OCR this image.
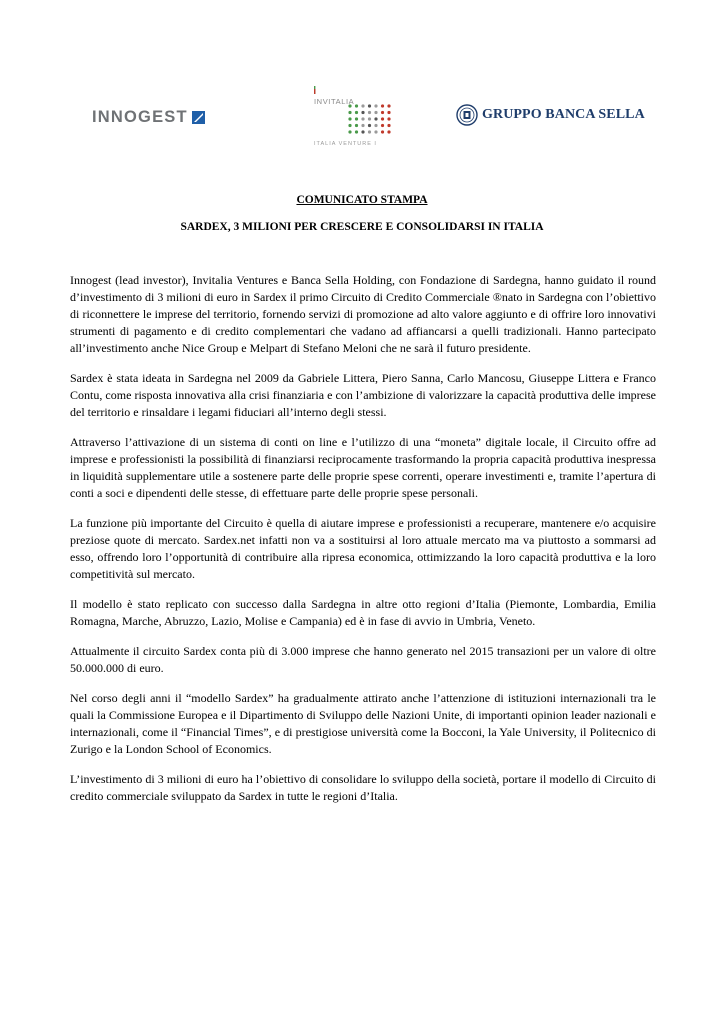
INNOGEST
INVITALIA
ITALIA VENTURE I
GRUPPO BANCA SELLA
COMUNICATO STAMPA
SARDEX, 3 MILIONI PER CRESCERE E CONSOLIDARSI IN ITALIA

Innogest (lead investor), Invitalia Ventures e Banca Sella Holding, con Fondazione di Sardegna, hanno guidato il round d’investimento di 3 milioni di euro in Sardex il primo Circuito di Credito Commerciale ®nato in Sardegna con l’obiettivo di riconnettere le imprese del territorio, fornendo servizi di promozione ad alto valore aggiunto e di offrire loro innovativi strumenti di pagamento e di credito complementari che vadano ad affiancarsi a quelli tradizionali. Hanno partecipato all’investimento anche Nice Group e Melpart di Stefano Meloni che ne sarà il futuro presidente.

Sardex è stata ideata in Sardegna nel 2009 da Gabriele Littera, Piero Sanna, Carlo Mancosu, Giuseppe Littera e Franco Contu, come risposta innovativa alla crisi finanziaria e con l’ambizione di valorizzare la capacità produttiva delle imprese del territorio e rinsaldare i legami fiduciari all’interno degli stessi.

Attraverso l’attivazione di un sistema di conti on line e l’utilizzo di una “moneta” digitale locale, il Circuito offre ad imprese e professionisti la possibilità di finanziarsi reciprocamente trasformando la propria capacità produttiva inespressa in liquidità supplementare utile a sostenere parte delle proprie spese correnti, operare investimenti e, tramite l’apertura di conti a soci e dipendenti delle stesse, di effettuare parte delle proprie spese personali.

La funzione più importante del Circuito è quella di aiutare imprese e professionisti a recuperare, mantenere e/o acquisire preziose quote di mercato. Sardex.net infatti non va a sostituirsi al loro attuale mercato ma va piuttosto a sommarsi ad esso, offrendo loro l’opportunità di contribuire alla ripresa economica, ottimizzando la loro capacità produttiva e la loro competitività sul mercato.

Il modello è stato replicato con successo dalla Sardegna in altre otto regioni d’Italia (Piemonte, Lombardia, Emilia Romagna, Marche, Abruzzo, Lazio, Molise e Campania) ed è in fase di avvio in Umbria, Veneto.

Attualmente il circuito Sardex conta più di 3.000 imprese che hanno generato nel 2015 transazioni per un valore di oltre 50.000.000 di euro.

Nel corso degli anni il “modello Sardex” ha gradualmente attirato anche l’attenzione di istituzioni internazionali tra le quali la Commissione Europea e il Dipartimento di Sviluppo delle Nazioni Unite, di importanti opinion leader nazionali e internazionali, come il “Financial Times”, e di prestigiose università come la Bocconi, la Yale University, il Politecnico di Zurigo e la London School of Economics.

L’investimento di 3 milioni di euro ha l’obiettivo di consolidare lo sviluppo della società, portare il modello di Circuito di credito commerciale sviluppato da Sardex in tutte le regioni d’Italia.
